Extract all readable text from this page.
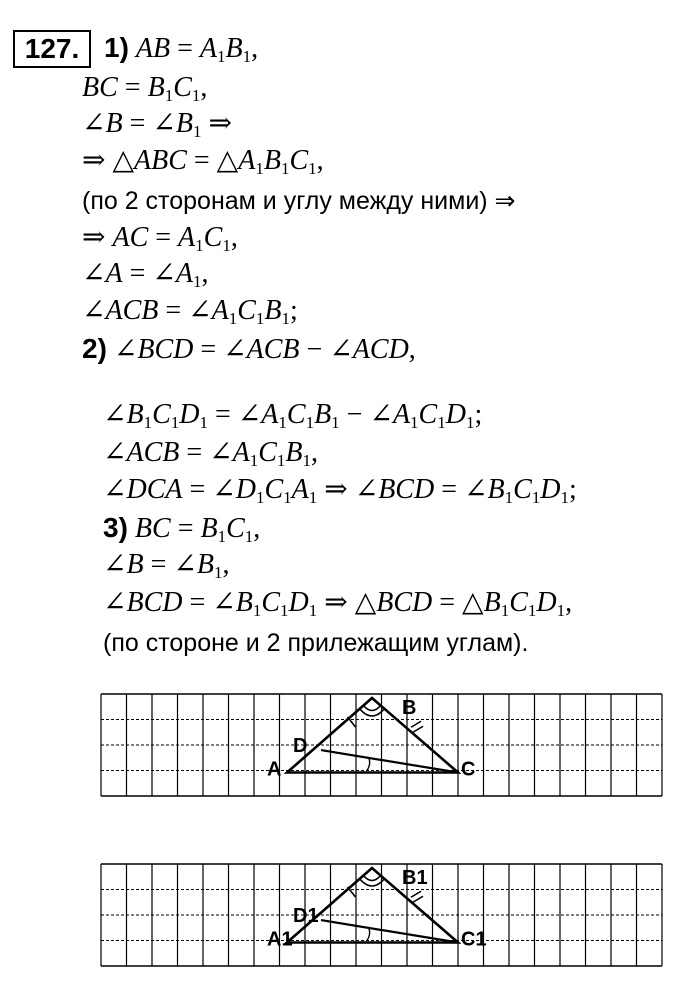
127. 1) AB = $A_1B_1$,
BC = $B_1C_1$,
∠B = $\angle B_1$ ⇒
⇒ △ABC = $\triangle A_1B_1C_1$,
(по 2 сторонам и углу между ними) ⇒
⇒ AC = $A_1C_1$,
∠A = $\angle A_1$,
∠ACB = $\angle A_1C_1B_1$;
2) ∠BCD = ∠ACB − ∠ACD,
$\angle B_1C_1D_1$ = $\angle A_1C_1B_1$ − $\angle A_1C_1D_1$;
∠ACB = $\angle A_1C_1B_1$,
∠DCA = $\angle D_1C_1A_1$ ⇒ ∠BCD = $\angle B_1C_1D_1$;
3) BC = $B_1C_1$,
∠B = $\angle B_1$,
∠BCD = $\angle B_1C_1D_1$ ⇒ △BCD = $\triangle B_1C_1D_1$,
(по стороне и 2 прилежащим углам).
A
B
C
D
A1
B1
C1
D1
